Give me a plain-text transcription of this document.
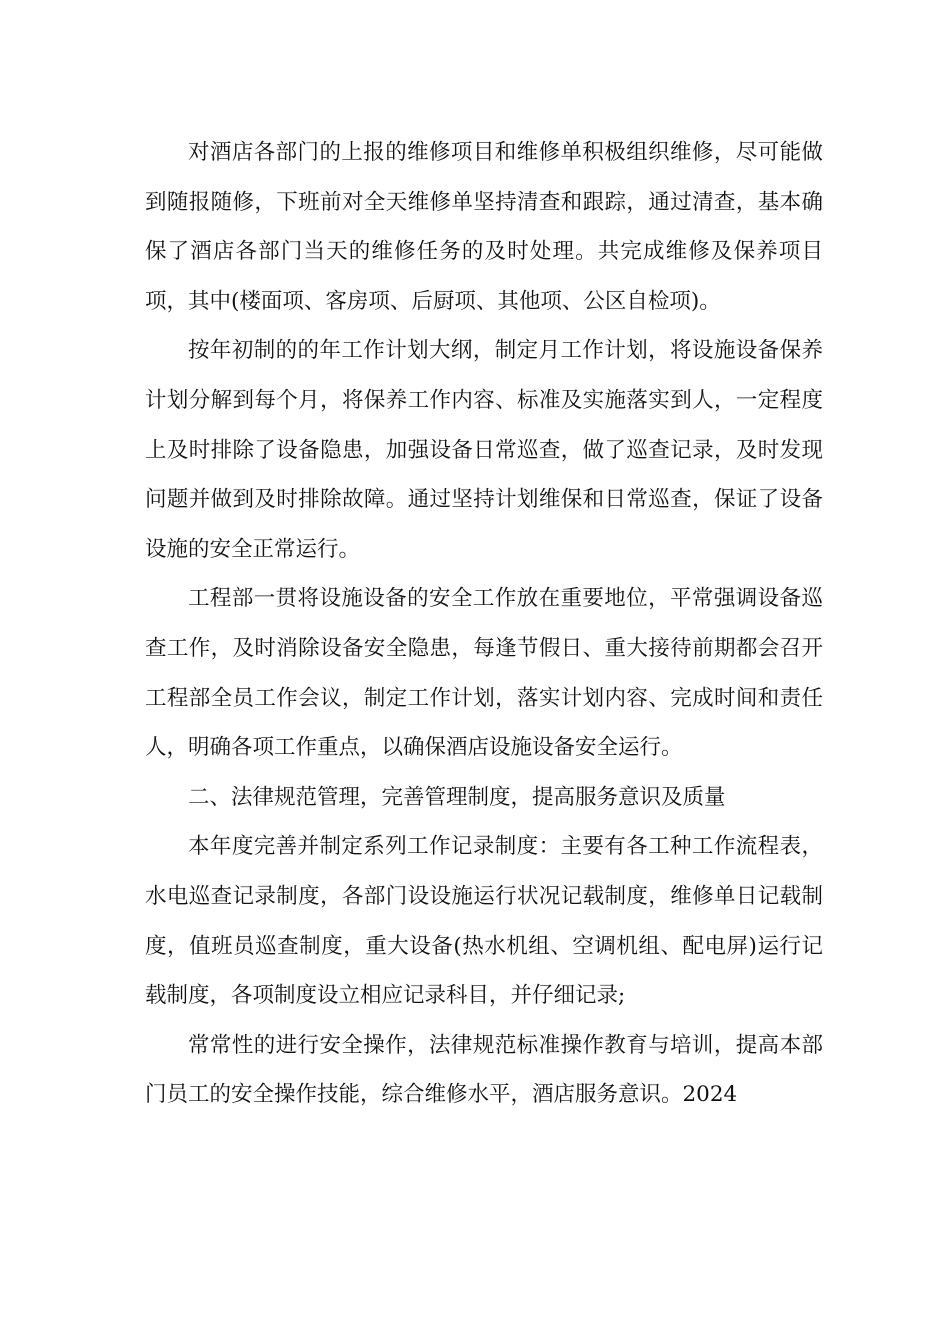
对酒店各部门的上报的维修项目和维修单积极组织维修，尽可能做到随报随修，下班前对全天维修单坚持清查和跟踪，通过清查，基本确保了酒店各部门当天的维修任务的及时处理。共完成维修及保养项目项，其中(楼面项、客房项、后厨项、其他项、公区自检项)。

按年初制的的年工作计划大纲，制定月工作计划，将设施设备保养计划分解到每个月，将保养工作内容、标准及实施落实到人，一定程度上及时排除了设备隐患，加强设备日常巡查，做了巡查记录，及时发现问题并做到及时排除故障。通过坚持计划维保和日常巡查，保证了设备设施的安全正常运行。

工程部一贯将设施设备的安全工作放在重要地位，平常强调设备巡查工作，及时消除设备安全隐患，每逢节假日、重大接待前期都会召开工程部全员工作会议，制定工作计划，落实计划内容、完成时间和责任人，明确各项工作重点，以确保酒店设施设备安全运行。

二、法律规范管理，完善管理制度，提高服务意识及质量

本年度完善并制定系列工作记录制度：主要有各工种工作流程表，水电巡查记录制度，各部门设设施运行状况记载制度，维修单日记载制度，值班员巡查制度，重大设备(热水机组、空调机组、配电屏)运行记载制度，各项制度设立相应记录科目，并仔细记录;

常常性的进行安全操作，法律规范标准操作教育与培训，提高本部门员工的安全操作技能，综合维修水平，酒店服务意识。2024
